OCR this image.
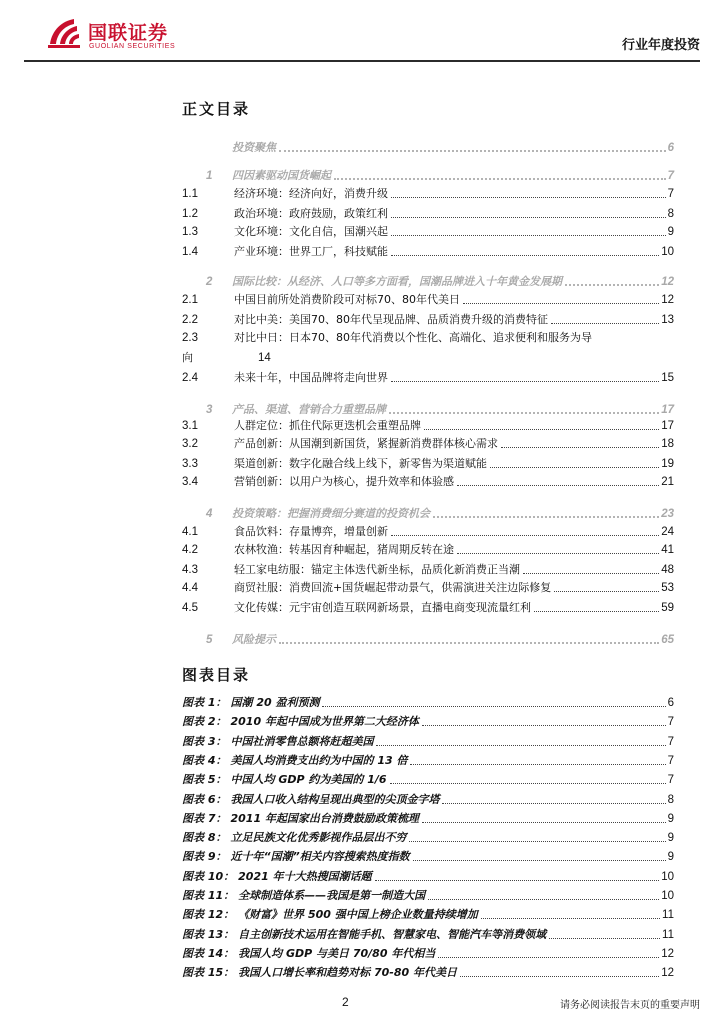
国联证券
GUOLIAN SECURITIES	行业年度投资
正文目录
投资聚焦	6
1	四因素驱动国货崛起	7
1.1	经济环境：经济向好，消费升级	7
1.2	政治环境：政府鼓励，政策红利	8
1.3	文化环境：文化自信，国潮兴起	9
1.4	产业环境：世界工厂，科技赋能	10
2	国际比较：从经济、人口等多方面看，国潮品牌进入十年黄金发展期	12
2.1	中国目前所处消费阶段可对标70、80年代美日	12
2.2	对比中美：美国70、80年代呈现品牌、品质消费升级的消费特征	13
2.3	对比中日：日本70、80年代消费以个性化、高端化、追求便利和服务为导
向	14
2.4	未来十年，中国品牌将走向世界	15
3	产品、渠道、营销合力重塑品牌	17
3.1	人群定位：抓住代际更迭机会重塑品牌	17
3.2	产品创新：从国潮到新国货，紧握新消费群体核心需求	18
3.3	渠道创新：数字化融合线上线下，新零售为渠道赋能	19
3.4	营销创新：以用户为核心，提升效率和体验感	21
4	投资策略：把握消费细分赛道的投资机会	23
4.1	食品饮料：存量博弈，增量创新	24
4.2	农林牧渔：转基因育种崛起，猪周期反转在途	41
4.3	轻工家电纺服：锚定主体迭代新坐标，品质化新消费正当潮	48
4.4	商贸社服：消费回流+国货崛起带动景气，供需演进关注边际修复	53
4.5	文化传媒：元宇宙创造互联网新场景，直播电商变现流量红利	59
5	风险提示	65
图表目录
图表 1： 国潮 20 盈利预测	6
图表 2： 2010 年起中国成为世界第二大经济体	7
图表 3： 中国社消零售总额将赶超美国	7
图表 4： 美国人均消费支出约为中国的 13 倍	7
图表 5： 中国人均 GDP 约为美国的 1/6	7
图表 6： 我国人口收入结构呈现出典型的尖顶金字塔	8
图表 7： 2011 年起国家出台消费鼓励政策梳理	9
图表 8： 立足民族文化优秀影视作品层出不穷	9
图表 9： 近十年“国潮”相关内容搜索热度指数	9
图表 10： 2021 年十大热搜国潮话题	10
图表 11： 全球制造体系——我国是第一制造大国	10
图表 12： 《财富》世界 500 强中国上榜企业数量持续增加	11
图表 13： 自主创新技术运用在智能手机、智慧家电、智能汽车等消费领域	11
图表 14： 我国人均 GDP 与美日 70/80 年代相当	12
图表 15： 我国人口增长率和趋势对标 70-80 年代美日	12
2	请务必阅读报告末页的重要声明
